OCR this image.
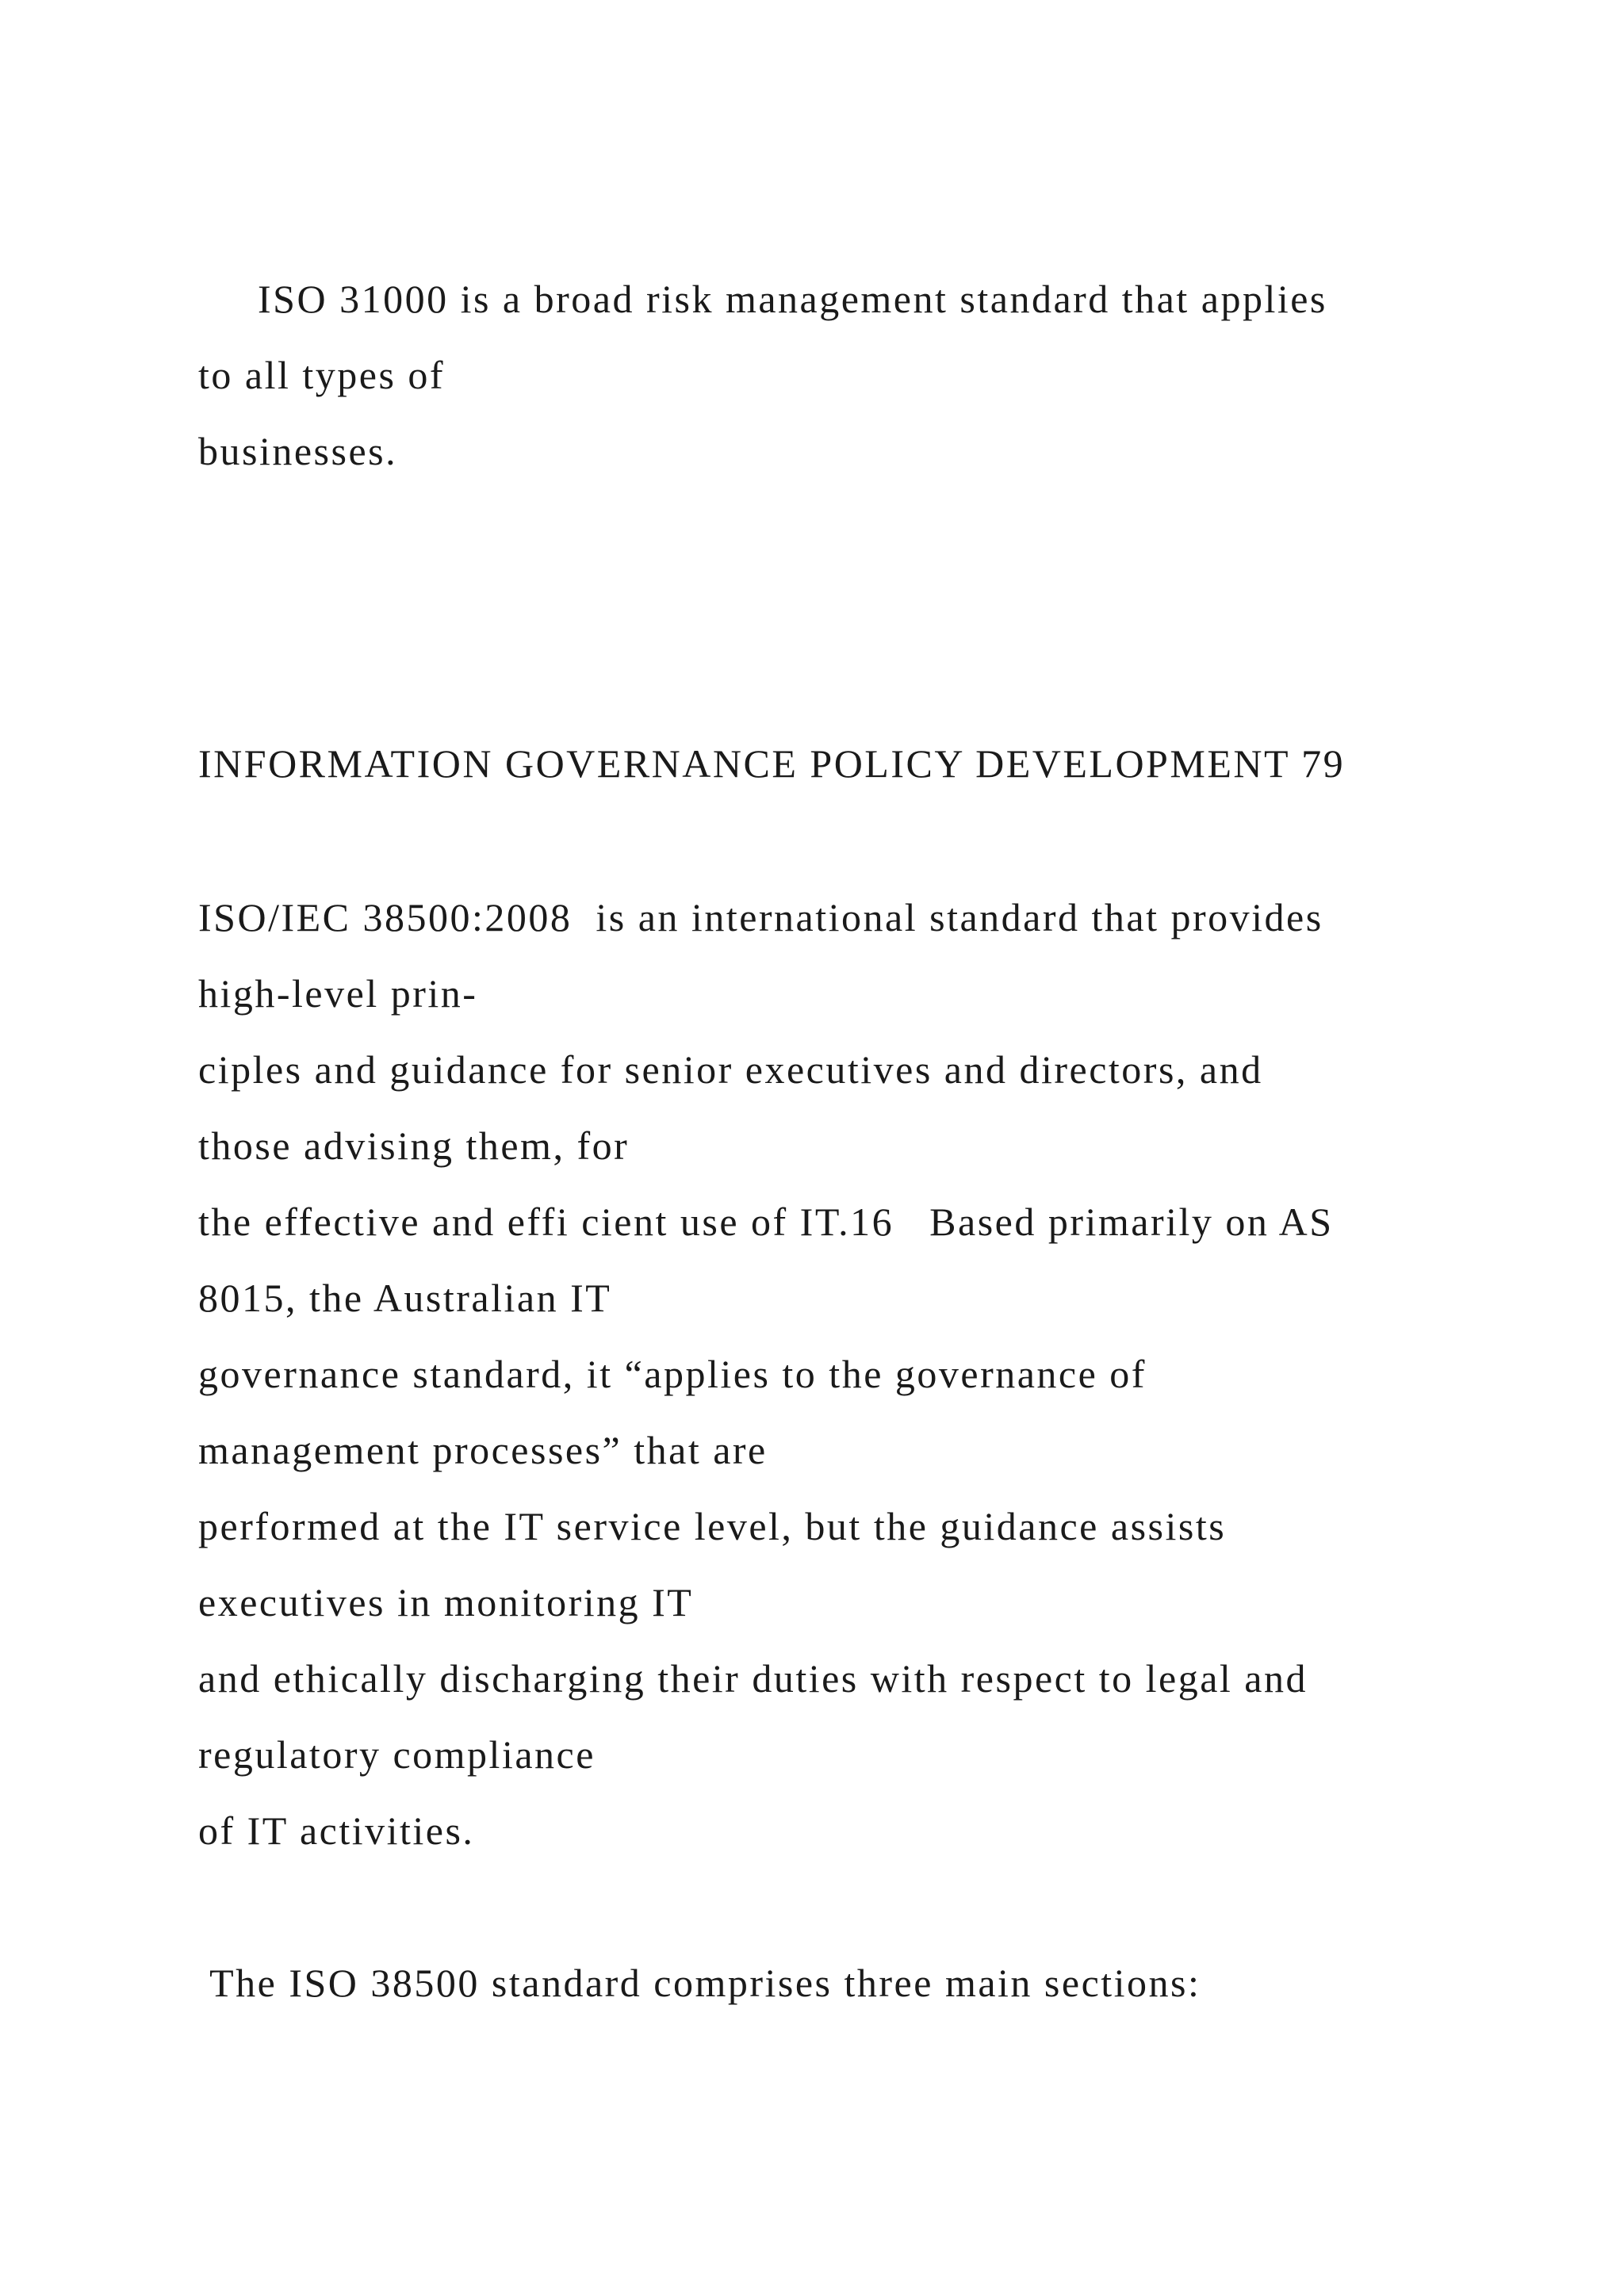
ISO 31000 is a broad risk management standard that applies

to all types of

businesses.

INFORMATION GOVERNANCE POLICY DEVELOPMENT 79

ISO/IEC 38500:2008  is an international standard that provides

high-level prin-

ciples and guidance for senior executives and directors, and

those advising them, for

the effective and effi cient use of IT.16   Based primarily on AS

8015, the Australian IT

governance standard, it “applies to the governance of

management processes” that are

performed at the IT service level, but the guidance assists

executives in monitoring IT

and ethically discharging their duties with respect to legal and

regulatory compliance

of IT activities.

The ISO 38500 standard comprises three main sections:
